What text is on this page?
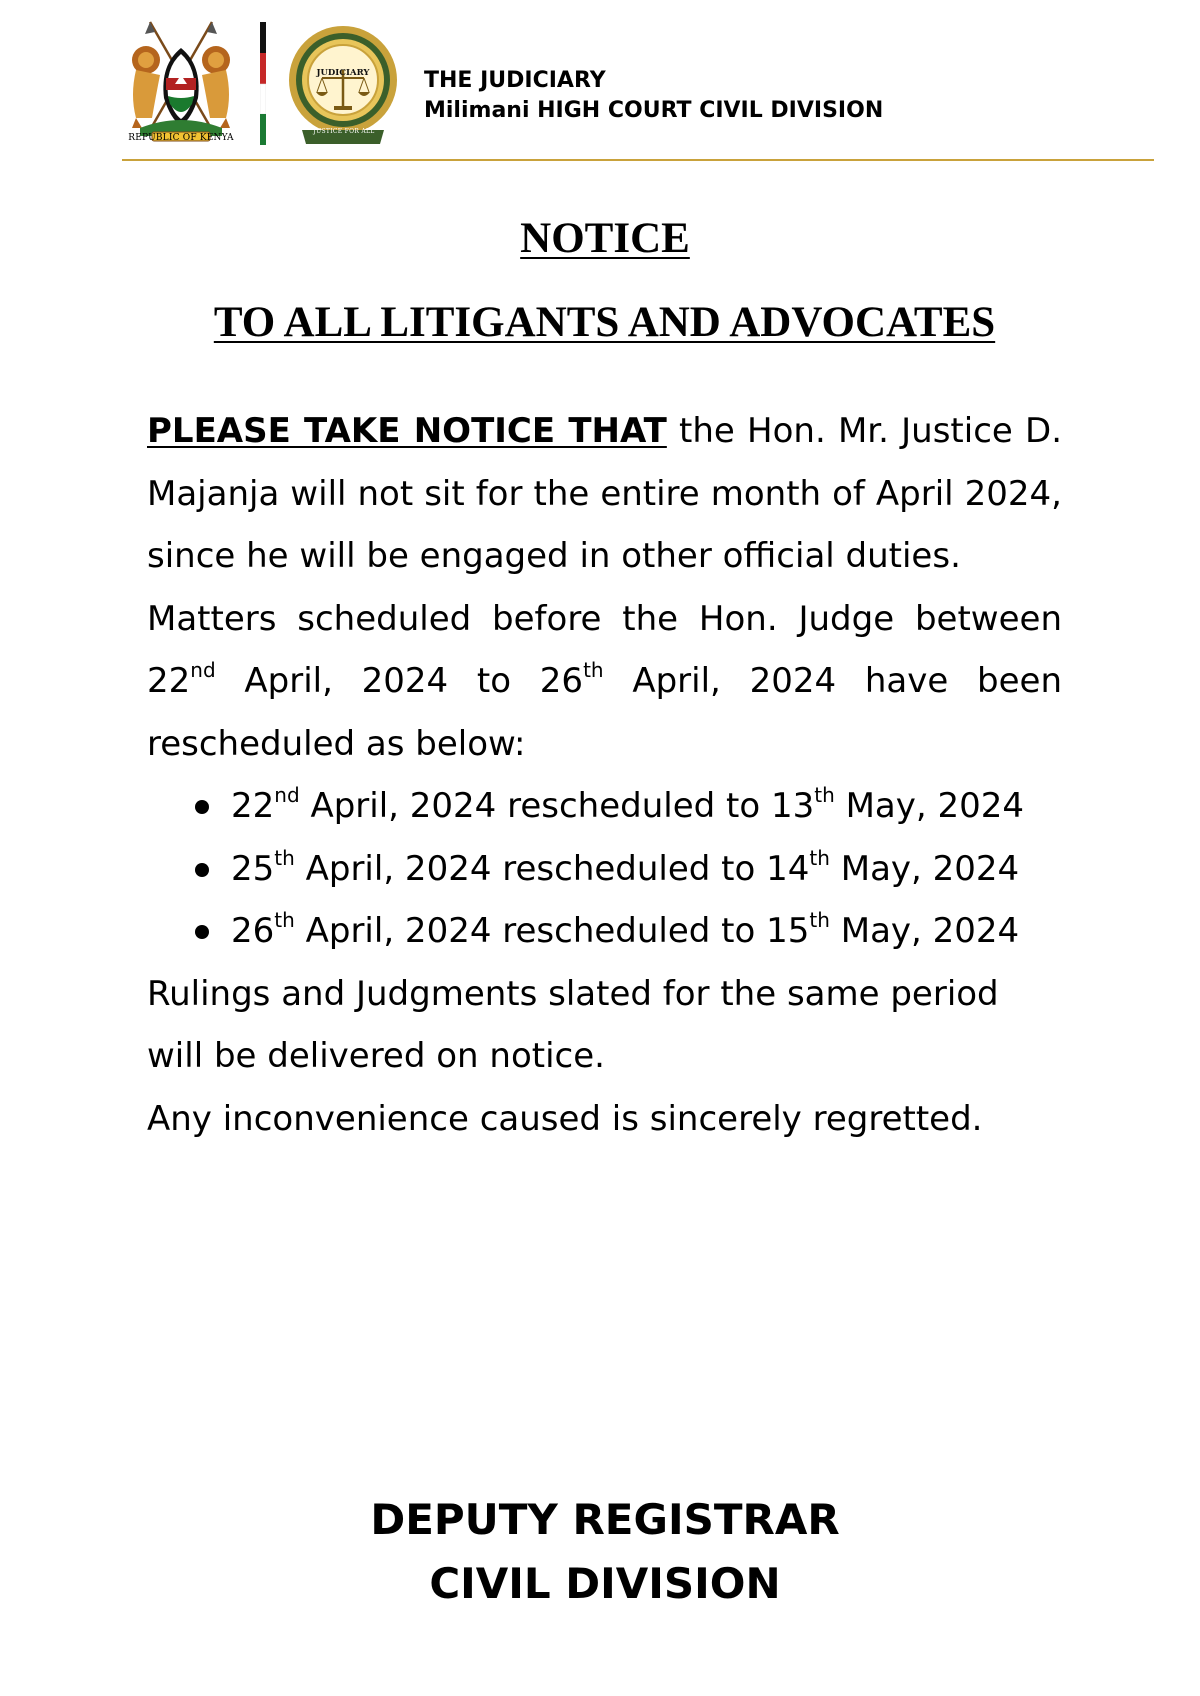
REPUBLIC OF KENYA
JUDICIARY
JUSTICE FOR ALL
THE JUDICIARY
Milimani HIGH COURT CIVIL DIVISION
NOTICE
TO ALL LITIGANTS AND ADVOCATES

PLEASE TAKE NOTICE THAT the Hon. Mr. Justice D. Majanja will not sit for the entire month of April 2024, since he will be engaged in other official duties.

Matters scheduled before the Hon. Judge between 22nd April, 2024 to 26th April, 2024 have been rescheduled as below:

22nd April, 2024 rescheduled to 13th May, 2024
25th April, 2024 rescheduled to 14th May, 2024
26th April, 2024 rescheduled to 15th May, 2024

Rulings and Judgments slated for the same period will be delivered on notice.

Any inconvenience caused is sincerely regretted.

DEPUTY REGISTRAR
CIVIL DIVISION
